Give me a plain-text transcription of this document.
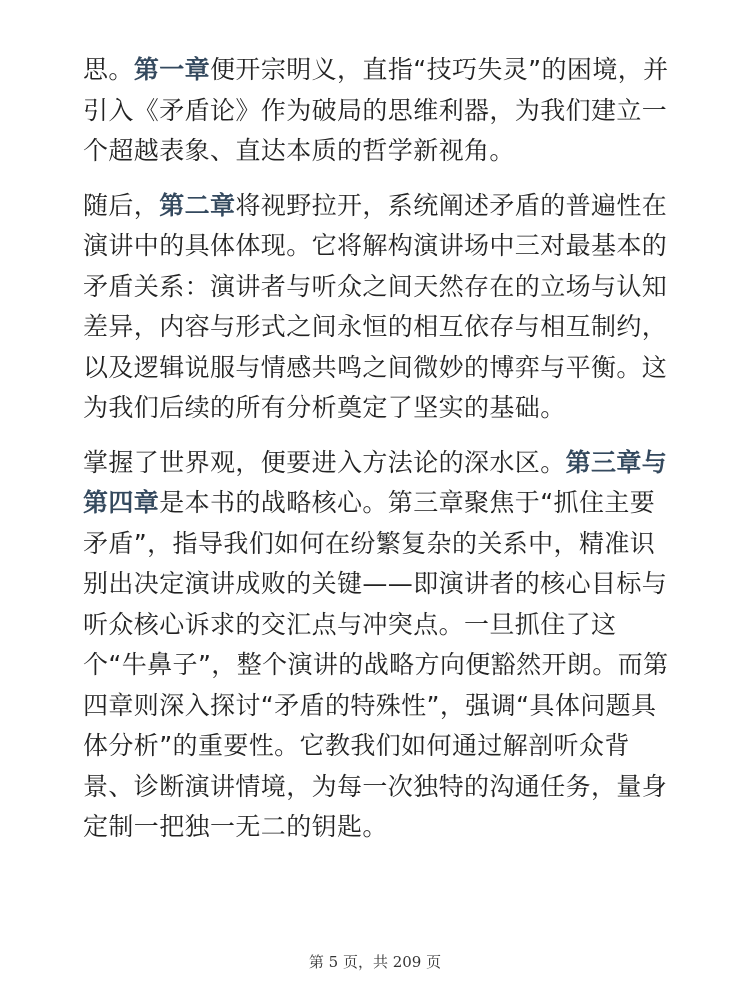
思。第一章便开宗明义，直指“技巧失灵”的困境，并引入《矛盾论》作为破局的思维利器，为我们建立一个超越表象、直达本质的哲学新视角。

随后，第二章将视野拉开，系统阐述矛盾的普遍性在演讲中的具体体现。它将解构演讲场中三对最基本的矛盾关系：演讲者与听众之间天然存在的立场与认知差异，内容与形式之间永恒的相互依存与相互制约，以及逻辑说服与情感共鸣之间微妙的博弈与平衡。这为我们后续的所有分析奠定了坚实的基础。

掌握了世界观，便要进入方法论的深水区。第三章与第四章是本书的战略核心。第三章聚焦于“抓住主要矛盾”，指导我们如何在纷繁复杂的关系中，精准识别出决定演讲成败的关键——即演讲者的核心目标与听众核心诉求的交汇点与冲突点。一旦抓住了这个“牛鼻子”，整个演讲的战略方向便豁然开朗。而第四章则深入探讨“矛盾的特殊性”，强调“具体问题具体分析”的重要性。它教我们如何通过解剖听众背景、诊断演讲情境，为每一次独特的沟通任务，量身定制一把独一无二的钥匙。

第 5 页，共 209 页
